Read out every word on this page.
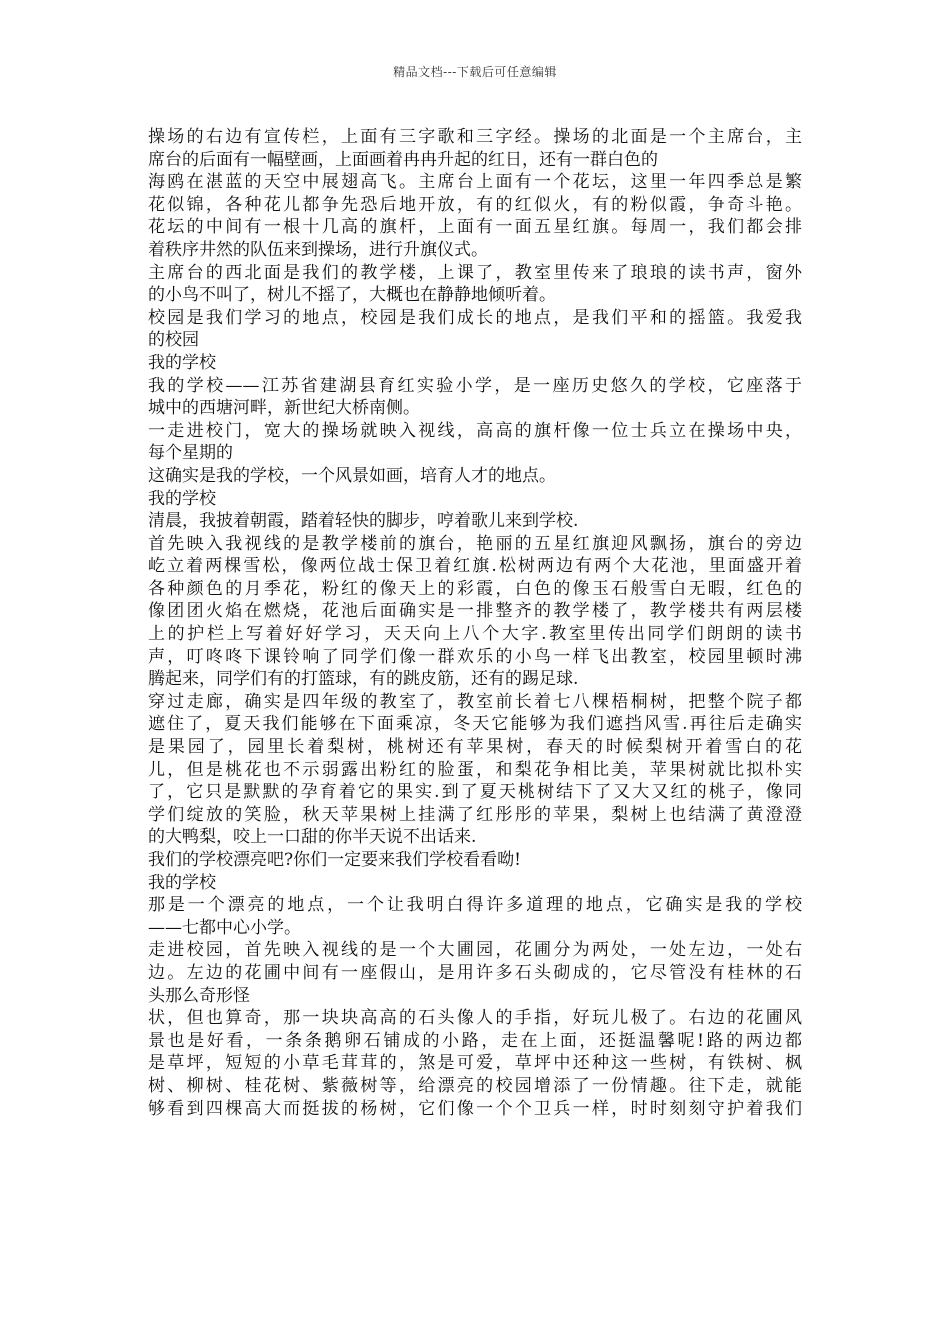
精品文档---下载后可任意编辑
操场的右边有宣传栏，上面有三字歌和三字经。操场的北面是一个主席台，主
席台的后面有一幅壁画，上面画着冉冉升起的红日，还有一群白色的
海鸥在湛蓝的天空中展翅高飞。主席台上面有一个花坛，这里一年四季总是繁
花似锦，各种花儿都争先恐后地开放，有的红似火，有的粉似霞，争奇斗艳。
花坛的中间有一根十几高的旗杆，上面有一面五星红旗。每周一，我们都会排
着秩序井然的队伍来到操场，进行升旗仪式。
主席台的西北面是我们的教学楼，上课了，教室里传来了琅琅的读书声，窗外
的小鸟不叫了，树儿不摇了，大概也在静静地倾听着。
校园是我们学习的地点，校园是我们成长的地点，是我们平和的摇篮。我爱我
的校园
我的学校
我的学校——江苏省建湖县育红实验小学，是一座历史悠久的学校，它座落于
城中的西塘河畔，新世纪大桥南侧。
一走进校门，宽大的操场就映入视线，高高的旗杆像一位士兵立在操场中央，
每个星期的
这确实是我的学校，一个风景如画，培育人才的地点。
我的学校
清晨，我披着朝霞，踏着轻快的脚步，哼着歌儿来到学校.
首先映入我视线的是教学楼前的旗台，艳丽的五星红旗迎风飘扬，旗台的旁边
屹立着两棵雪松，像两位战士保卫着红旗.松树两边有两个大花池，里面盛开着
各种颜色的月季花，粉红的像天上的彩霞，白色的像玉石般雪白无暇，红色的
像团团火焰在燃烧，花池后面确实是一排整齐的教学楼了，教学楼共有两层楼
上的护栏上写着好好学习，天天向上八个大字.教室里传出同学们朗朗的读书
声，叮咚咚下课铃响了同学们像一群欢乐的小鸟一样飞出教室，校园里顿时沸
腾起来，同学们有的打篮球，有的跳皮筋，还有的踢足球.
穿过走廊，确实是四年级的教室了，教室前长着七八棵梧桐树，把整个院子都
遮住了，夏天我们能够在下面乘凉，冬天它能够为我们遮挡风雪.再往后走确实
是果园了，园里长着梨树，桃树还有苹果树，春天的时候梨树开着雪白的花
儿，但是桃花也不示弱露出粉红的脸蛋，和梨花争相比美，苹果树就比拟朴实
了，它只是默默的孕育着它的果实.到了夏天桃树结下了又大又红的桃子，像同
学们绽放的笑脸，秋天苹果树上挂满了红彤彤的苹果，梨树上也结满了黄澄澄
的大鸭梨，咬上一口甜的你半天说不出话来.
我们的学校漂亮吧?你们一定要来我们学校看看呦!
我的学校
那是一个漂亮的地点，一个让我明白得许多道理的地点，它确实是我的学校
——七都中心小学。
走进校园，首先映入视线的是一个大圃园，花圃分为两处，一处左边，一处右
边。左边的花圃中间有一座假山，是用许多石头砌成的，它尽管没有桂林的石
头那么奇形怪
状，但也算奇，那一块块高高的石头像人的手指，好玩儿极了。右边的花圃风
景也是好看，一条条鹅卵石铺成的小路，走在上面，还挺温馨呢!路的两边都
是草坪，短短的小草毛茸茸的，煞是可爱，草坪中还种这一些树，有铁树、枫
树、柳树、桂花树、紫薇树等，给漂亮的校园增添了一份情趣。往下走，就能
够看到四棵高大而挺拔的杨树，它们像一个个卫兵一样，时时刻刻守护着我们
